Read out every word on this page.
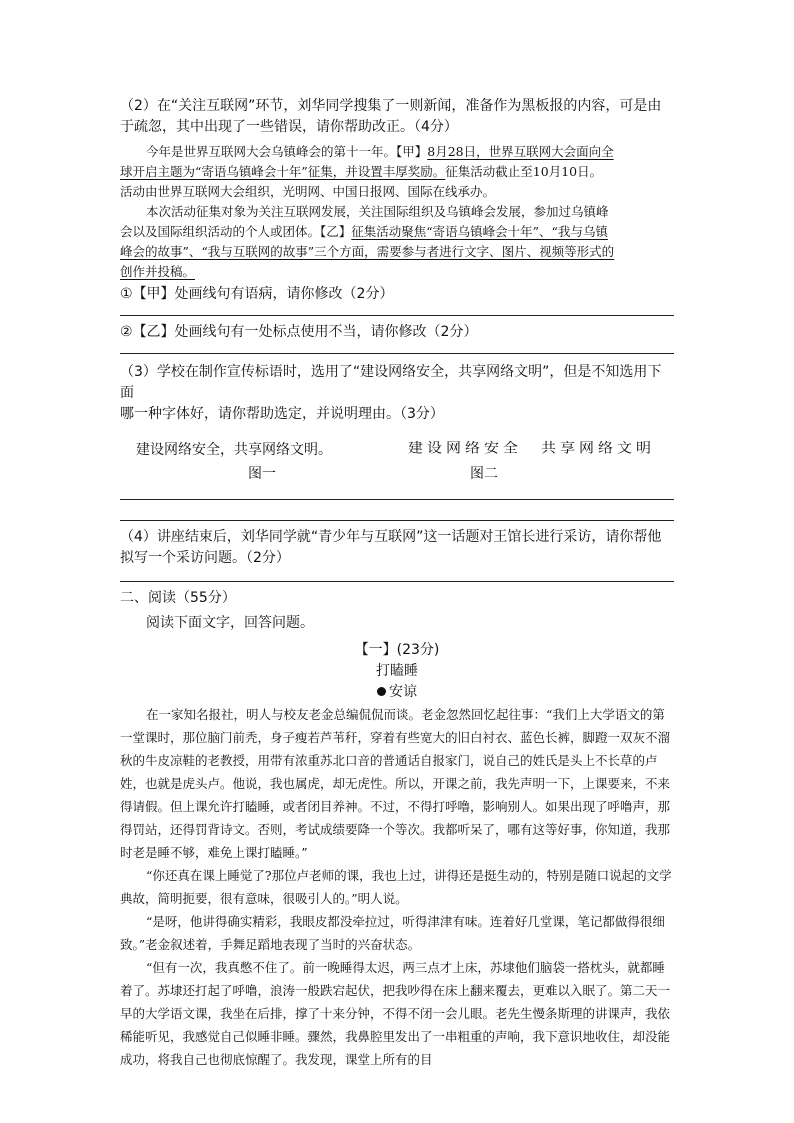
（2）在“关注互联网”环节，刘华同学搜集了一则新闻，准备作为黑板报的内容，可是由

于疏忽，其中出现了一些错误，请你帮助改正。（4分）

今年是世界互联网大会乌镇峰会的第十一年。【甲】8月28日，世界互联网大会面向全

球开启主题为“寄语乌镇峰会十年”征集，并设置丰厚奖励。征集活动截止至10月10日。

活动由世界互联网大会组织，光明网、中国日报网、国际在线承办。

本次活动征集对象为关注互联网发展，关注国际组织及乌镇峰会发展，参加过乌镇峰

会以及国际组织活动的个人或团体。【乙】征集活动聚焦“寄语乌镇峰会十年”、“我与乌镇

峰会的故事”、“我与互联网的故事”三个方面，需要参与者进行文字、图片、视频等形式的

创作并投稿。

①【甲】处画线句有语病，请你修改（2分）

②【乙】处画线句有一处标点使用不当，请你修改（2分）

（3）学校在制作宣传标语时，选用了“建设网络安全，共享网络文明”，但是不知选用下面

哪一种字体好，请你帮助选定，并说明理由。（3分）

建设网络安全，共享网络文明。
图一
建设网络安全　共享网络文明
图二

（4）讲座结束后，刘华同学就“青少年与互联网”这一话题对王馆长进行采访，请你帮他

拟写一个采访问题。（2分）

二、阅读（55分）

阅读下面文字，回答问题。

【一】(23分)

打瞌睡

安谅

在一家知名报社，明人与校友老金总编侃侃而谈。老金忽然回忆起往事：“我们上大学语文的第一堂课时，那位脑门前秃，身子瘦若芦苇秆，穿着有些宽大的旧白衬衣、蓝色长裤，脚蹬一双灰不溜秋的牛皮凉鞋的老教授，用带有浓重苏北口音的普通话自报家门，说自己的姓氏是头上不长草的卢姓，也就是虎头卢。他说，我也属虎，却无虎性。所以，开课之前，我先声明一下，上课要来，不来得请假。但上课允许打瞌睡，或者闭目养神。不过，不得打呼噜，影响别人。如果出现了呼噜声，那得罚站，还得罚背诗文。否则，考试成绩要降一个等次。我都听呆了，哪有这等好事，你知道，我那时老是睡不够，难免上课打瞌睡。”

“你还真在课上睡觉了?那位卢老师的课，我也上过，讲得还是挺生动的，特别是随口说起的文学典故，简明扼要，很有意味，很吸引人的。”明人说。

“是呀，他讲得确实精彩，我眼皮都没牵拉过，听得津津有味。连着好几堂课，笔记都做得很细致。”老金叙述着，手舞足蹈地表现了当时的兴奋状态。

“但有一次，我真憋不住了。前一晚睡得太迟，两三点才上床，苏埭他们脑袋一搭枕头，就都睡着了。苏埭还打起了呼噜，浪涛一般跌宕起伏，把我吵得在床上翻来覆去，更难以入眠了。第二天一早的大学语文课，我坐在后排，撑了十来分钟，不得不闭一会儿眼。老先生慢条斯理的讲课声，我依稀能听见，我感觉自己似睡非睡。骤然，我鼻腔里发出了一串粗重的声响，我下意识地收住，却没能成功，将我自己也彻底惊醒了。我发现，课堂上所有的目
